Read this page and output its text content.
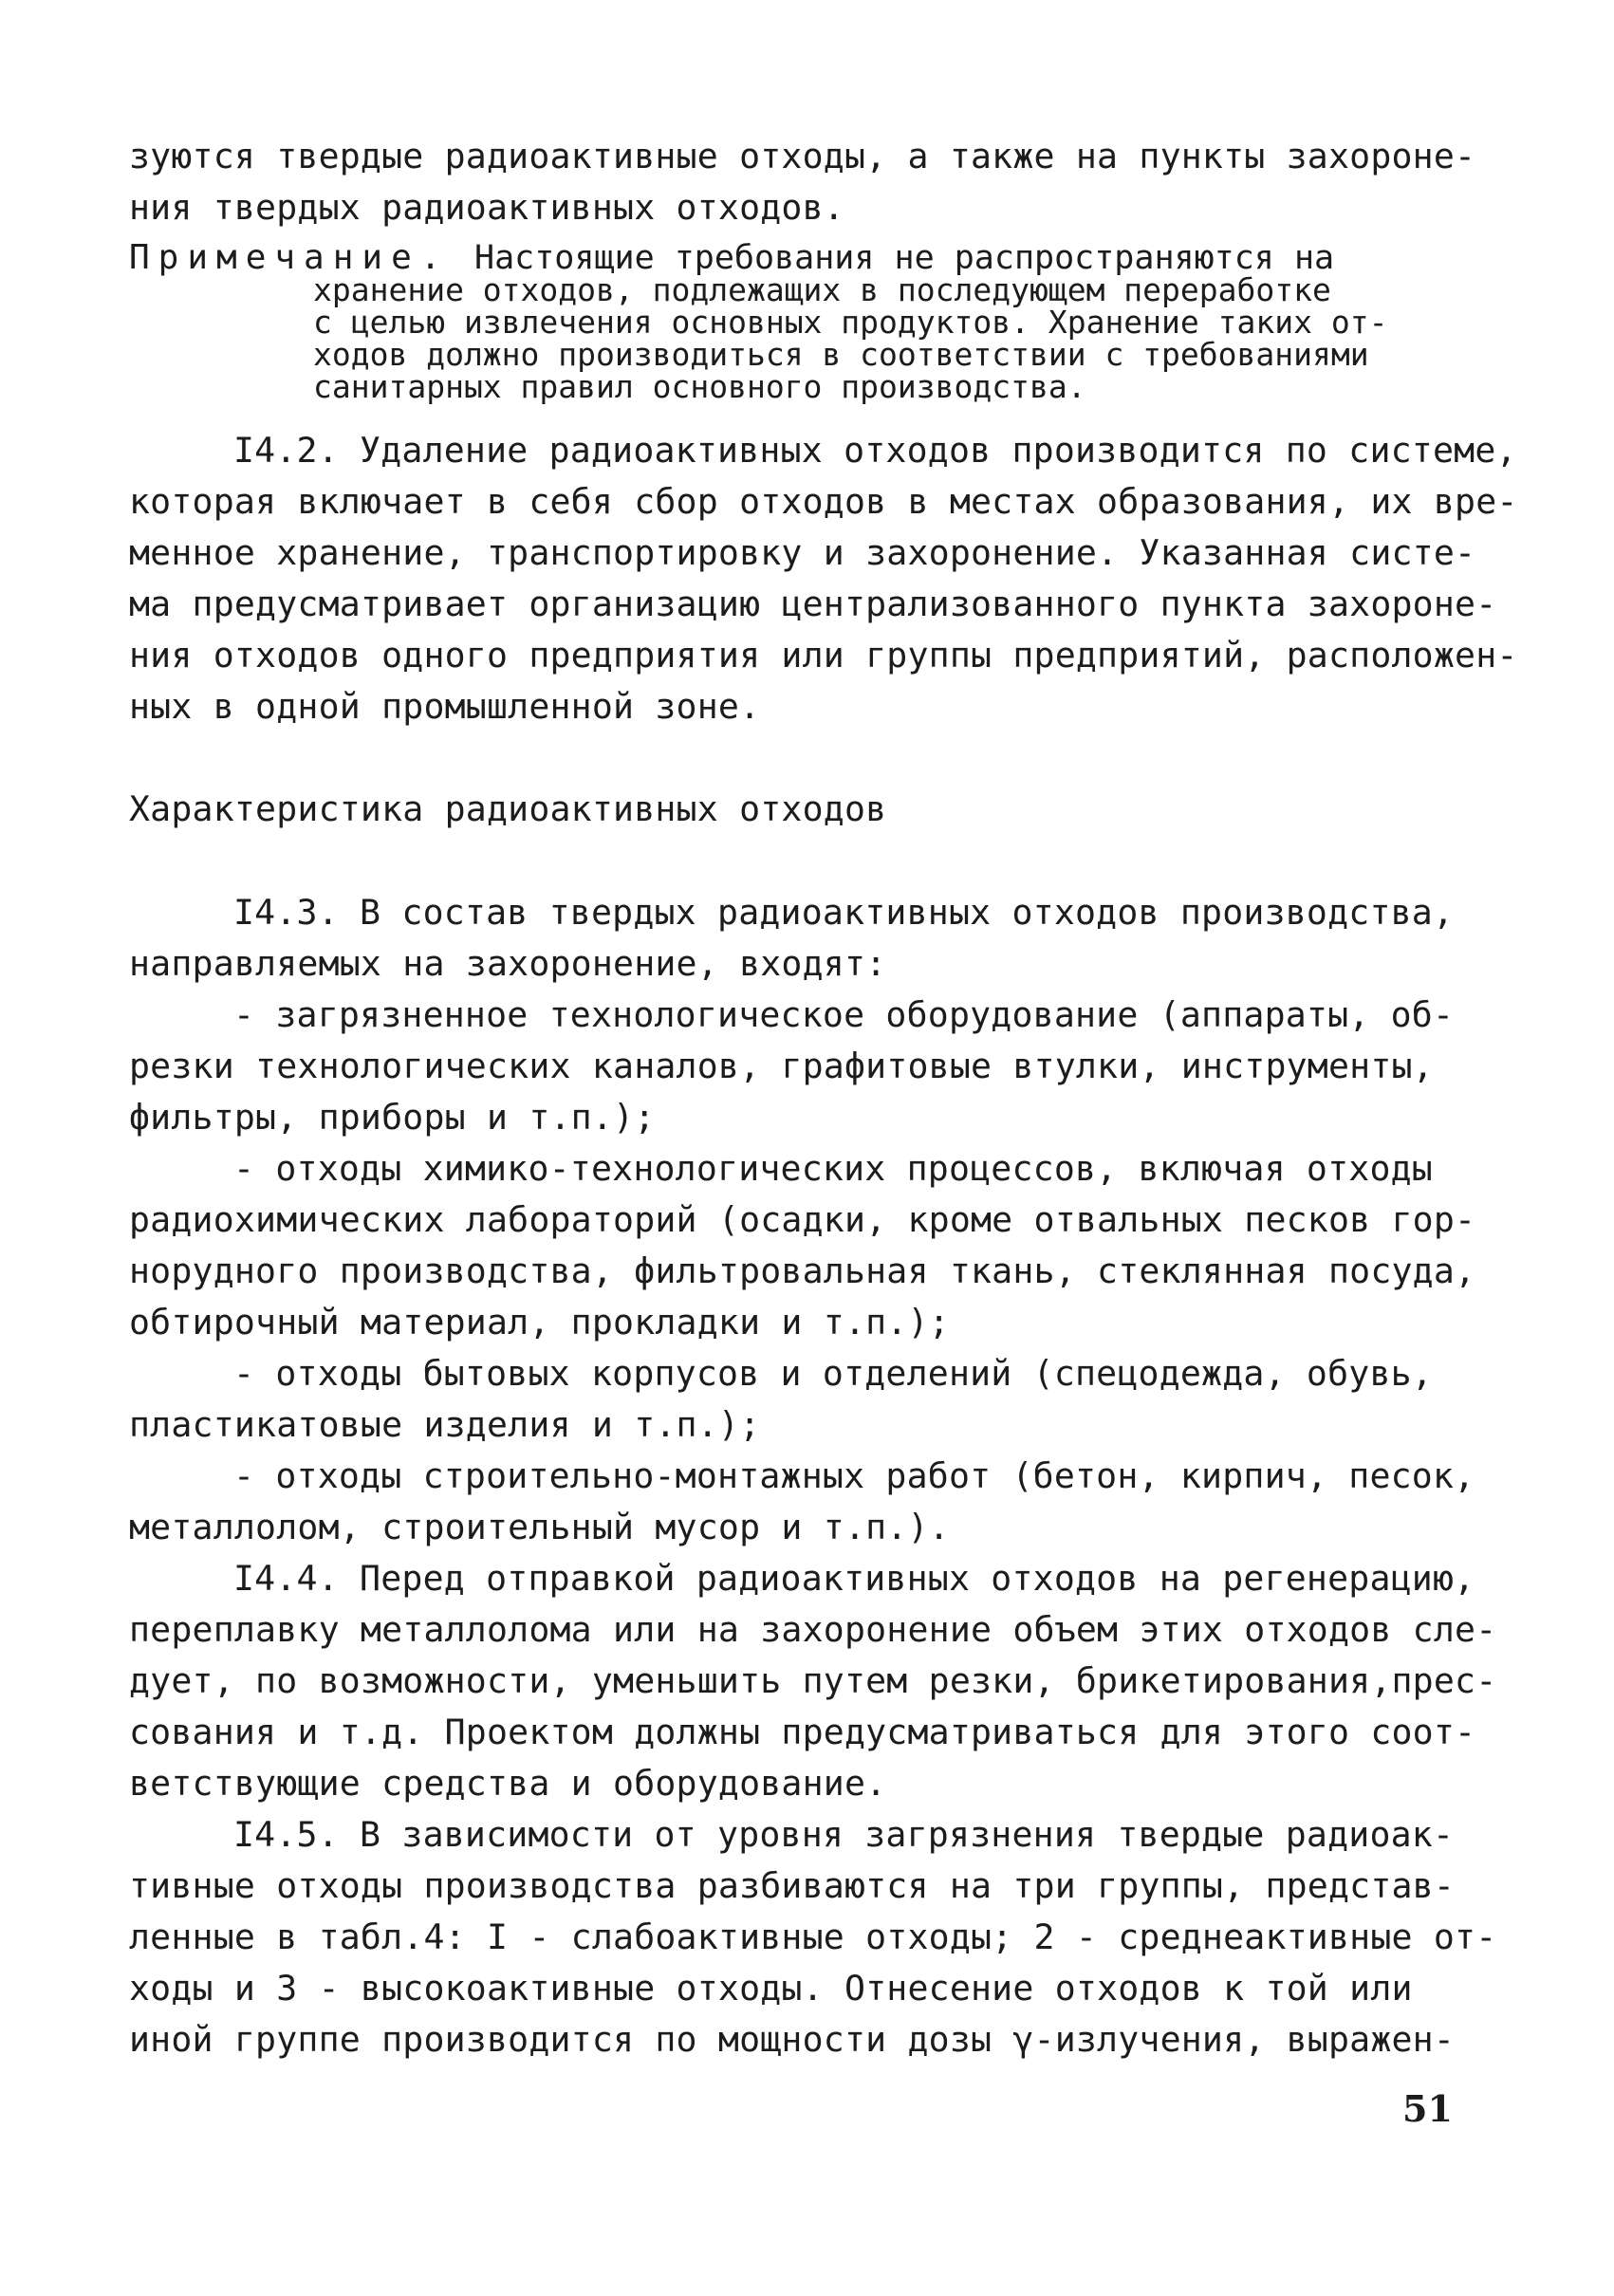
зуются твердые радиоактивные отходы, а также на пункты захороне-
ния твердых радиоактивных отходов.
Примечание. Настоящие требования не распространяются на
хранение отходов, подлежащих в последующем переработке
с целью извлечения основных продуктов. Хранение таких от-
ходов должно производиться в соответствии с требованиями
санитарных правил основного производства.
I4.2. Удаление радиоактивных отходов производится по системе,
которая включает в себя сбор отходов в местах образования, их вре-
менное хранение, транспортировку и захоронение. Указанная систе-
ма предусматривает организацию централизованного пункта захороне-
ния отходов одного предприятия или группы предприятий, расположен-
ных в одной промышленной зоне.
Характеристика радиоактивных отходов
I4.3. В состав твердых радиоактивных отходов производства,
направляемых на захоронение, входят:
- загрязненное технологическое оборудование (аппараты, об-
резки технологических каналов, графитовые втулки, инструменты,
фильтры, приборы и т.п.);
- отходы химико-технологических процессов, включая отходы
радиохимических лабораторий (осадки, кроме отвальных песков гор-
норудного производства, фильтровальная ткань, стеклянная посуда,
обтирочный материал, прокладки и т.п.);
- отходы бытовых корпусов и отделений (спецодежда, обувь,
пластикатовые изделия и т.п.);
- отходы строительно-монтажных работ (бетон, кирпич, песок,
металлолом, строительный мусор и т.п.).
I4.4. Перед отправкой радиоактивных отходов на регенерацию,
переплавку металлолома или на захоронение объем этих отходов сле-
дует, по возможности, уменьшить путем резки, брикетирования,прес-
сования и т.д. Проектом должны предусматриваться для этого соот-
ветствующие средства и оборудование.
I4.5. В зависимости от уровня загрязнения твердые радиоак-
тивные отходы производства разбиваются на три группы, представ-
ленные в табл.4: I - слабоактивные отходы; 2 - среднеактивные от-
ходы и 3 - высокоактивные отходы. Отнесение отходов к той или
иной группе производится по мощности дозы γ-излучения, выражен-
51
